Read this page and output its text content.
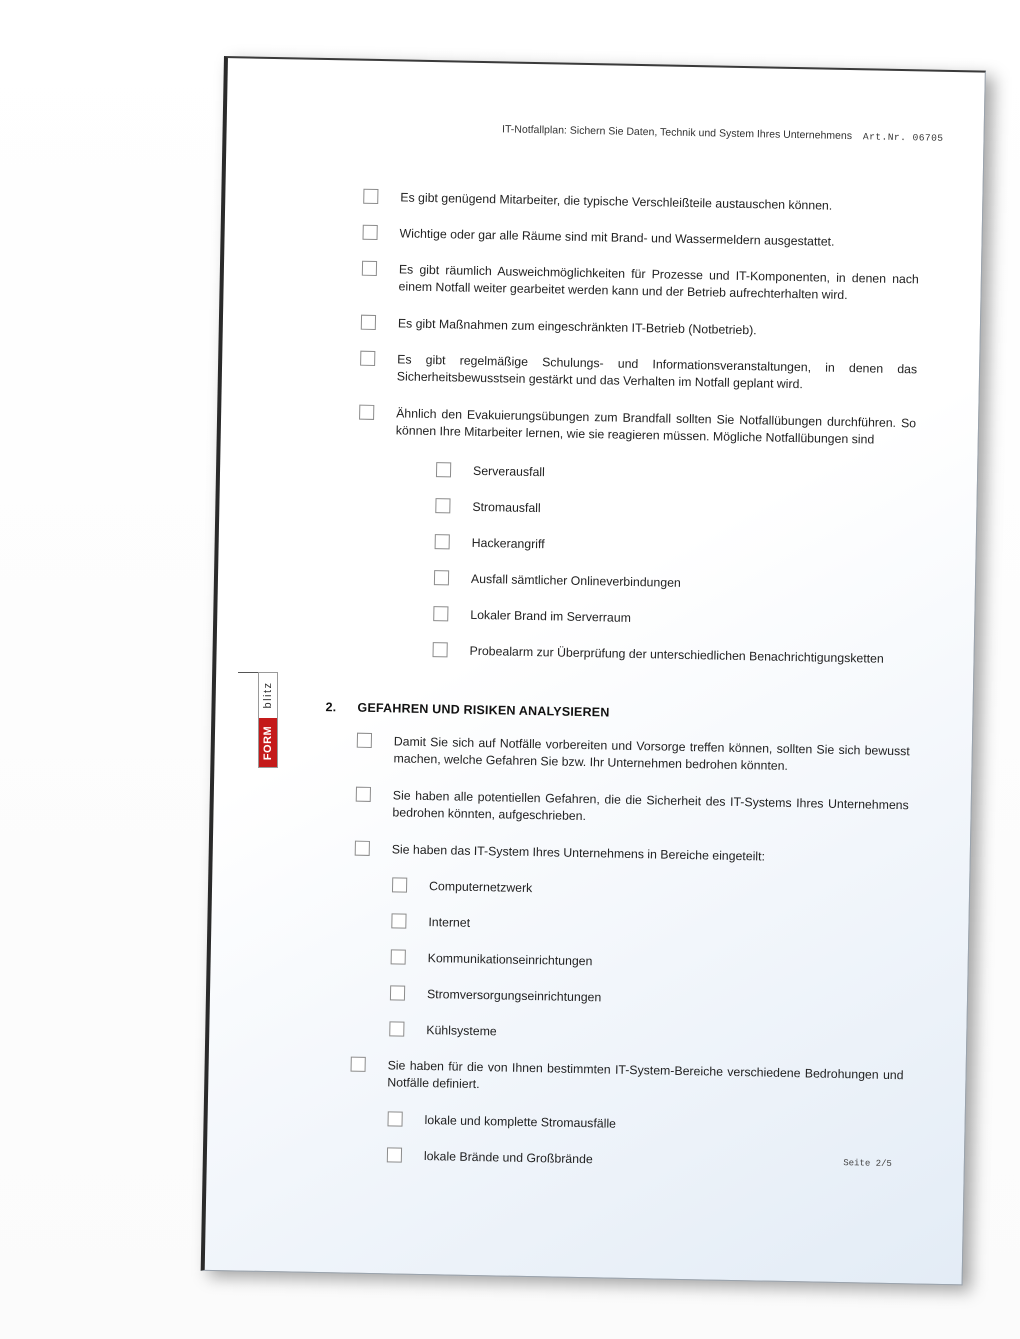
IT-Notfallplan: Sichern Sie Daten, Technik und System Ihres Unternehmens Art.Nr. 06705
Es gibt genügend Mitarbeiter, die typische Verschleißteile austauschen können.
Wichtige oder gar alle Räume sind mit Brand- und Wassermeldern ausgestattet.
Es gibt räumlich Ausweichmöglichkeiten für Prozesse und IT-Komponenten, in denen nach einem Notfall weiter gearbeitet werden kann und der Betrieb aufrechterhalten wird.
Es gibt Maßnahmen zum eingeschränkten IT-Betrieb (Notbetrieb).
Es gibt regelmäßige Schulungs- und Informationsveranstaltungen, in denen das Sicherheitsbewusstsein gestärkt und das Verhalten im Notfall geplant wird.
Ähnlich den Evakuierungsübungen zum Brandfall sollten Sie Notfallübungen durchführen. So können Ihre Mitarbeiter lernen, wie sie reagieren müssen. Mögliche Notfallübungen sind
Serverausfall
Stromausfall
Hackerangriff
Ausfall sämtlicher Onlineverbindungen
Lokaler Brand im Serverraum
Probealarm zur Überprüfung der unterschiedlichen Benachrichtigungsketten
2. GEFAHREN UND RISIKEN ANALYSIEREN
Damit Sie sich auf Notfälle vorbereiten und Vorsorge treffen können, sollten Sie sich bewusst machen, welche Gefahren Sie bzw. Ihr Unternehmen bedrohen könnten.
Sie haben alle potentiellen Gefahren, die die Sicherheit des IT-Systems Ihres Unternehmens bedrohen könnten, aufgeschrieben.
Sie haben das IT-System Ihres Unternehmens in Bereiche eingeteilt:
Computernetzwerk
Internet
Kommunikationseinrichtungen
Stromversorgungseinrichtungen
Kühlsysteme
Sie haben für die von Ihnen bestimmten IT-System-Bereiche verschiedene Bedrohungen und Notfälle definiert.
lokale und komplette Stromausfälle
lokale Brände und Großbrände	Seite 2/5
FORM
blitz
